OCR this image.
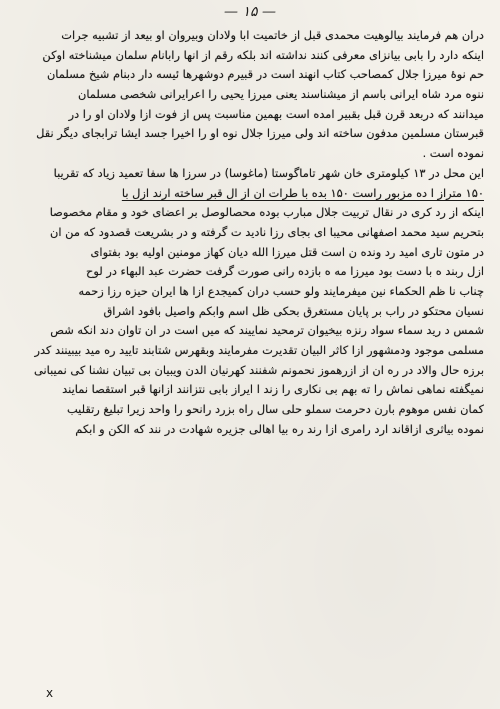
— ۱۵ —
دران هم فرمایند بیالوهیت محمدی قبل از خاتمیت ابا ولادان وبیروان او بیعد از تشبیه جرات
اینکه دارد را بابی بیانزای معرفی کنند نداشته اند بلکه رقم از انها رابانام سلمان میشناخته اوکن
حم نوهٔ میرزا جلال کمصاحب کتاب انهند است در قبیرم دوشهرها ئیسه دار دبنام شیخ مسلمان
ننوه مرد شاه ایرانی باسم از میشناسند یعنی میرزا یحیی را اعرایرانی شخصی مسلمان
میدانند که دربعد قرن قبل بقبیر امده است بهمین مناسبت پس از فوت ازا ولادان او را در
قبرستان مسلمین مدفون ساخته اند ولی میرزا جلال نوه او را اخیرا جسد ایشا ترابجای دیگر نقل
نموده است .
این محل در ۱۳ کیلومتری خان شهر تاماگوستا (ماغوسا) در سرزا ها سفا تعمید زیاد که تقریبا
۱۵۰ متراز ا ده مزبور راست ۱۵۰ بده با طرات ان از ال قبر ساخته ارند ازل با
اینکه از رد کری در نقال تربیت جلال مبارب بوده محصالوصل بر اعضای خود و مقام مخصوصا
بتحریم سید محمد اصفهانی محیبا ای بجای رزا نادید ت گرفته و در بشریعت قصدود که من ان
در متون تاری امید رد ونده ن است قتل میرزا الله دیان کهاز مومنین اولیه بود بفتوای
ازل ربند ه با دست بود میرزا مه ه بازده رانی صورت گرفت حضرت عبد البهاء در لوح
چناب نا ظم الحکماء نین میفرمایند ولو حسب دران کمیجدع ازا ها ایران حیزه رزا زحمه
نسیان محتکو در راب بر پایان مستغرق بحکی ظل اسم وابکم واصیل بافود اشراق
شمس د رید سماء سواد رنزه بیخیوان ترمحید نماییند که میں است در ان تاوان دند انکه شص
مسلمی موجود ودمشهور ازا کاثر البیان تقدیرت مفرمایند وبقهرس شتابند تایید ره مید بیبینند کدر
برزه حال والاد در ره ان از ازرهموز نحمونم شفنند کهرنیان الدن ویبیان بی تبیان نشنا کی نمیبانی
نمیگفته نماهی نماش را ته بهم بی نکاری را زند ا ایراز بابی نتزانند ازانها قبر استقصا نمایند
کمان نفس موهوم بارن دحرمت سملو حلی سال راه بزرد رانحو را واحد زیرا تبلیغ رتقلیب
نموده بیاثری ازاقاند ارد رامری ازا رند ره بیا اهالی جزیره شهادت در نند که الکن و ابکم
x
